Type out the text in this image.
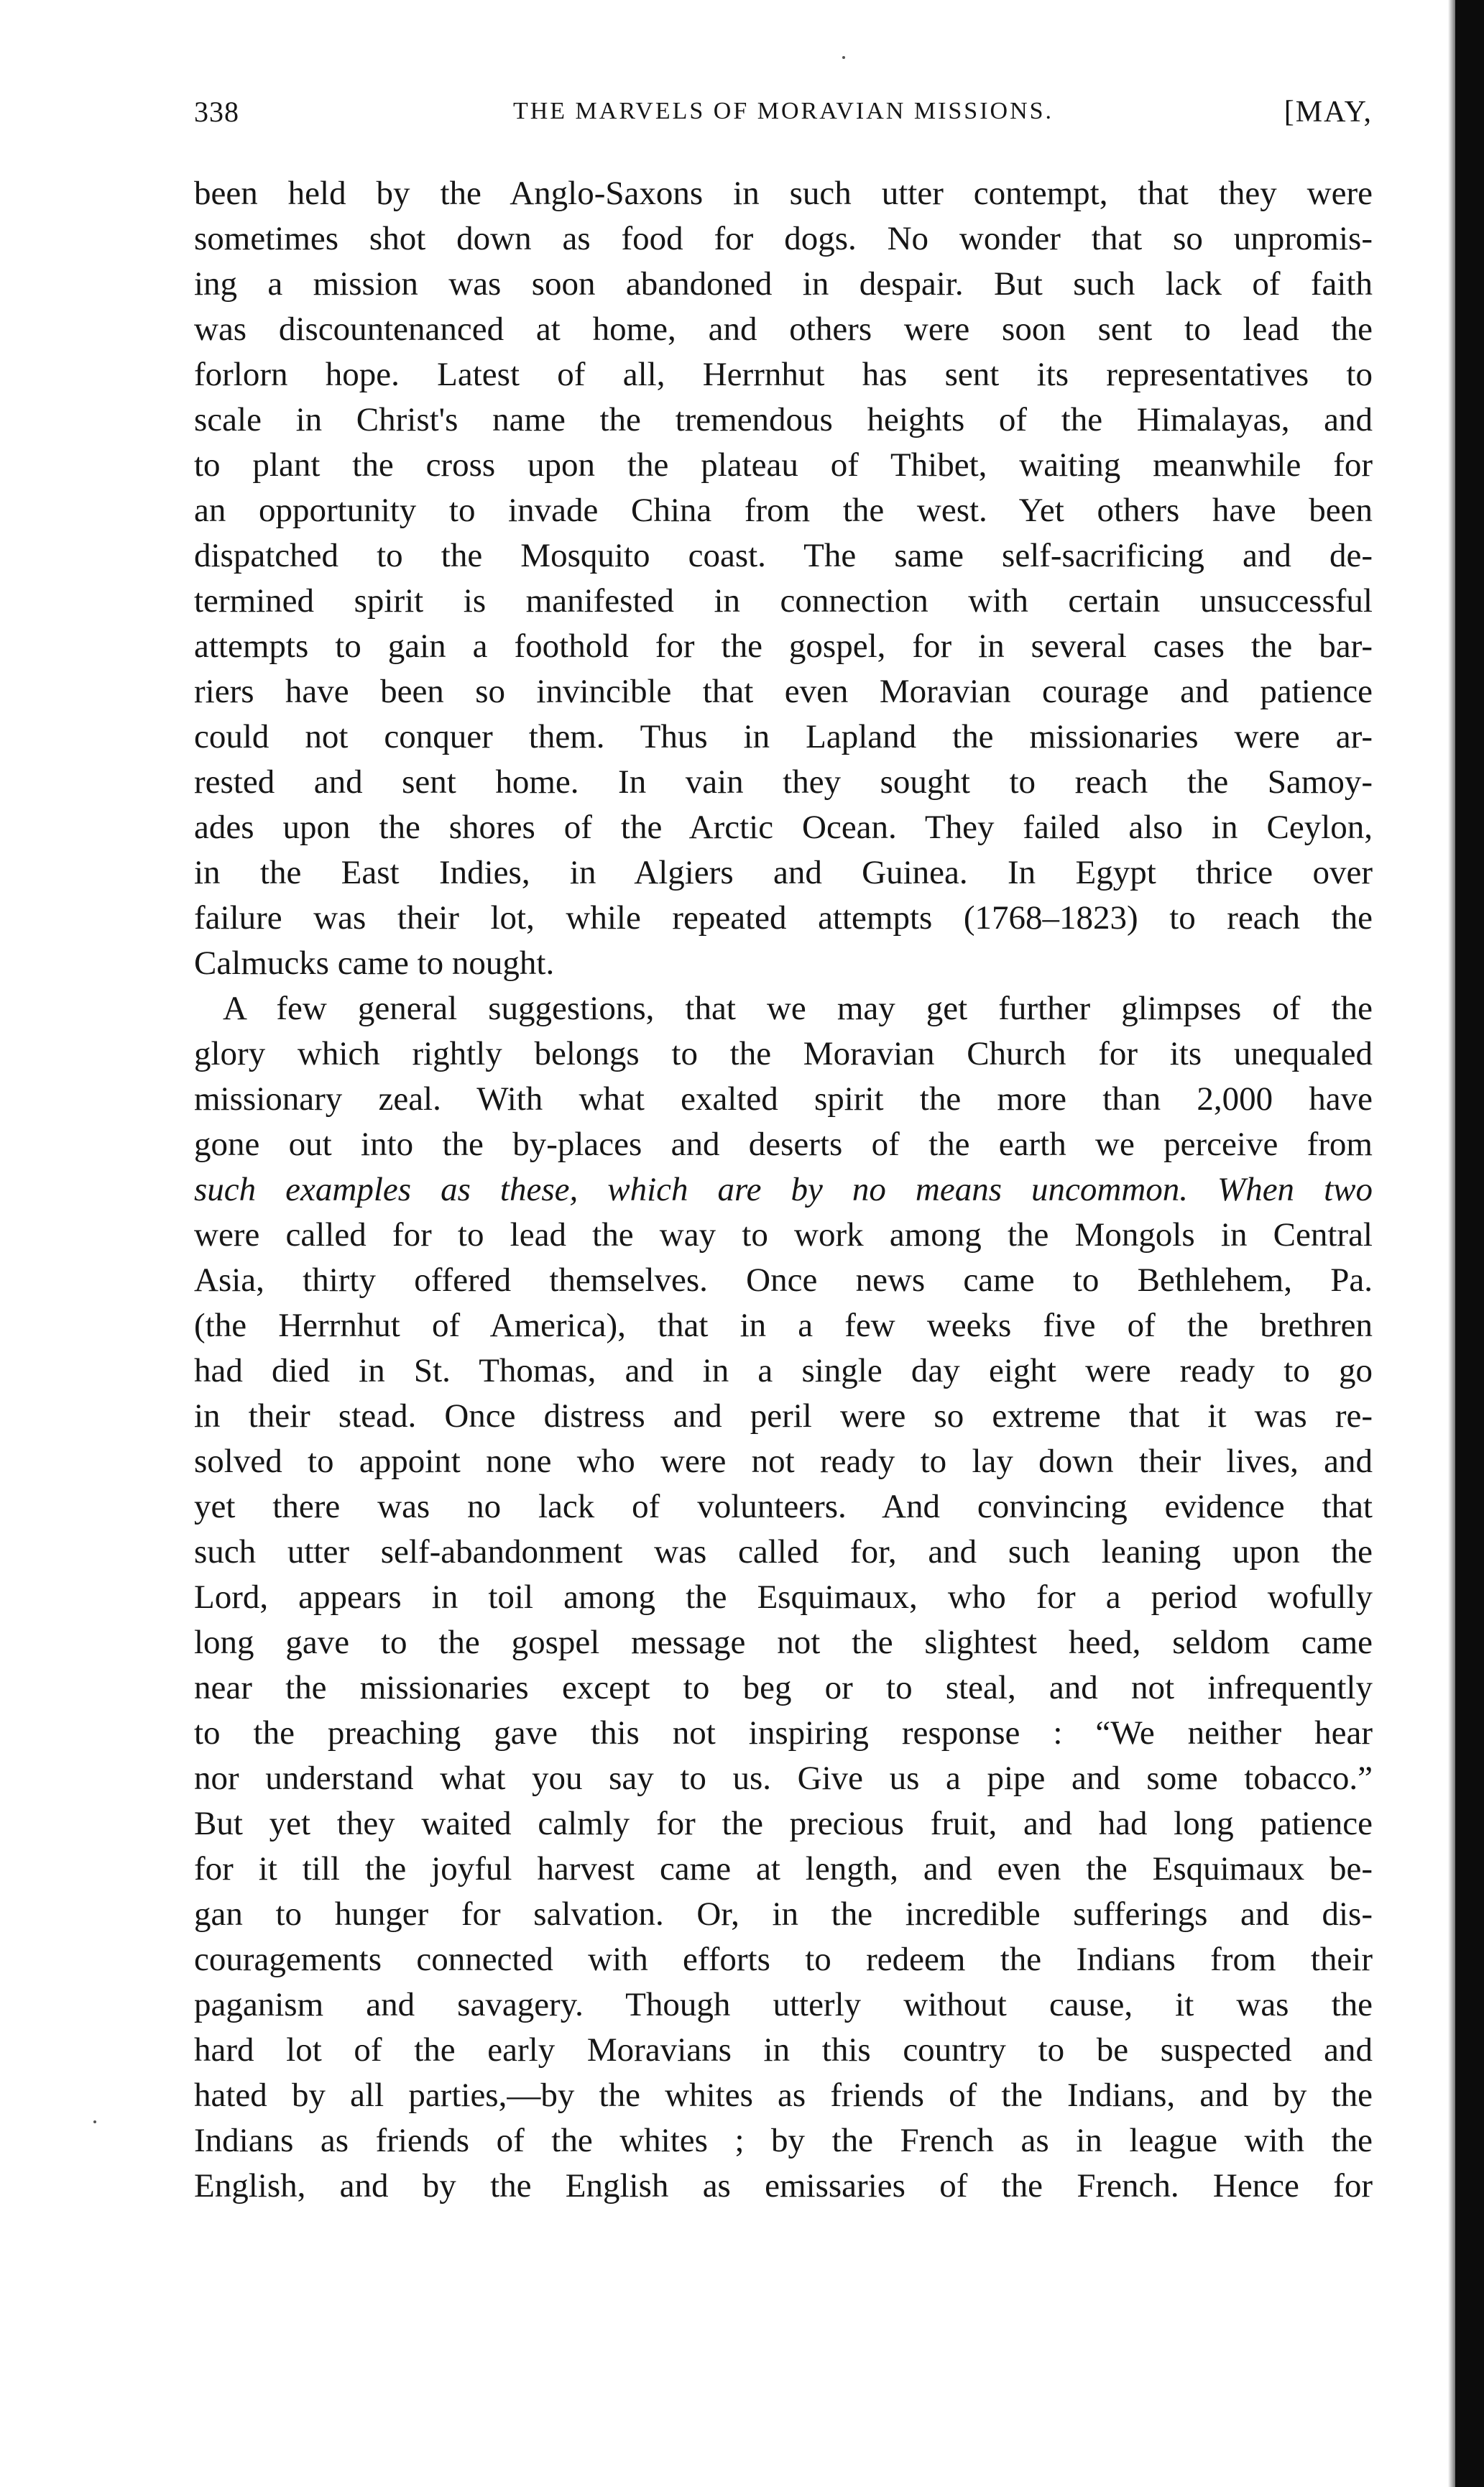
338	THE MARVELS OF MORAVIAN MISSIONS.	[MAY,
been held by the Anglo-Saxons in such utter contempt, that they were
sometimes shot down as food for dogs. No wonder that so unpromis-
ing a mission was soon abandoned in despair. But such lack of faith
was discountenanced at home, and others were soon sent to lead the
forlorn hope. Latest of all, Herrnhut has sent its representatives to
scale in Christ's name the tremendous heights of the Himalayas, and
to plant the cross upon the plateau of Thibet, waiting meanwhile for
an opportunity to invade China from the west. Yet others have been
dispatched to the Mosquito coast. The same self-sacrificing and de-
termined spirit is manifested in connection with certain unsuccessful
attempts to gain a foothold for the gospel, for in several cases the bar-
riers have been so invincible that even Moravian courage and patience
could not conquer them. Thus in Lapland the missionaries were ar-
rested and sent home. In vain they sought to reach the Samoy-
ades upon the shores of the Arctic Ocean. They failed also in Ceylon,
in the East Indies, in Algiers and Guinea. In Egypt thrice over
failure was their lot, while repeated attempts (1768–1823) to reach the
Calmucks came to nought.
A few general suggestions, that we may get further glimpses of the
glory which rightly belongs to the Moravian Church for its unequaled
missionary zeal. With what exalted spirit the more than 2,000 have
gone out into the by-places and deserts of the earth we perceive from
such examples as these, which are by no means uncommon. When two
were called for to lead the way to work among the Mongols in Central
Asia, thirty offered themselves. Once news came to Bethlehem, Pa.
(the Herrnhut of America), that in a few weeks five of the brethren
had died in St. Thomas, and in a single day eight were ready to go
in their stead. Once distress and peril were so extreme that it was re-
solved to appoint none who were not ready to lay down their lives, and
yet there was no lack of volunteers. And convincing evidence that
such utter self-abandonment was called for, and such leaning upon the
Lord, appears in toil among the Esquimaux, who for a period wofully
long gave to the gospel message not the slightest heed, seldom came
near the missionaries except to beg or to steal, and not infrequently
to the preaching gave this not inspiring response : “We neither hear
nor understand what you say to us. Give us a pipe and some tobacco.”
But yet they waited calmly for the precious fruit, and had long patience
for it till the joyful harvest came at length, and even the Esquimaux be-
gan to hunger for salvation. Or, in the incredible sufferings and dis-
couragements connected with efforts to redeem the Indians from their
paganism and savagery. Though utterly without cause, it was the
hard lot of the early Moravians in this country to be suspected and
hated by all parties,—by the whites as friends of the Indians, and by the
Indians as friends of the whites ; by the French as in league with the
English, and by the English as emissaries of the French. Hence for
